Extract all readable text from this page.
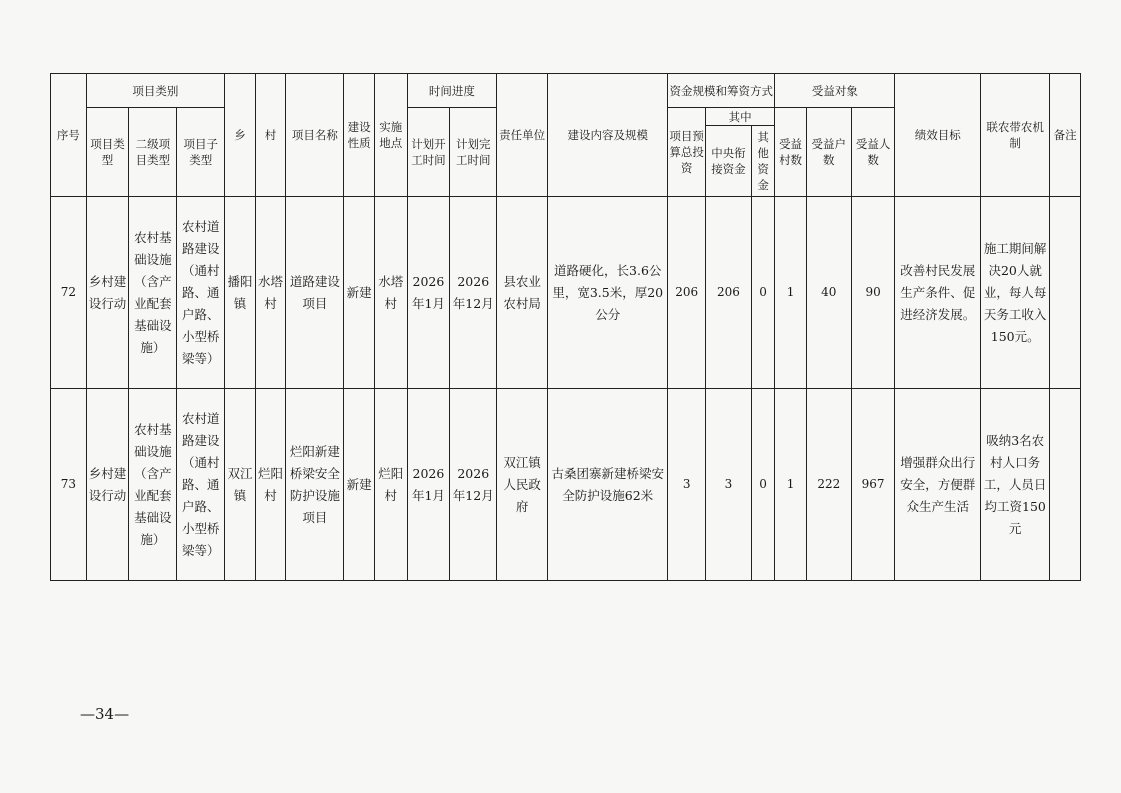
序号	项目类别			乡	村	项目名称	建设性质	实施地点	时间进度		责任单位	建设内容及规模	资金规模和筹资方式			受益对象			绩效目标	联农带农机制	备注
	项目类型	二级项目类型	项目子类型						计划开工时间	计划完工时间			项目预算总投资	其中		受益村数	受益户数	受益人数			
														中央衔接资金	其他资金						
72	乡村建设行动	农村基础设施（含产业配套基础设施）	农村道路建设（通村路、通户路、小型桥梁等）	播阳镇	水塔村	道路建设项目	新建	水塔村	2026年1月	2026年12月	县农业农村局	道路硬化，长3.6公里，宽3.5米，厚20公分	206	206	0	1	40	90	改善村民发展生产条件、促进经济发展。	施工期间解决20人就业，每人每天务工收入150元。	
73	乡村建设行动	农村基础设施（含产业配套基础设施）	农村道路建设（通村路、通户路、小型桥梁等）	双江镇	烂阳村	烂阳新建桥梁安全防护设施项目	新建	烂阳村	2026年1月	2026年12月	双江镇人民政府	古桑团寨新建桥梁安全防护设施62米	3	3	0	1	222	967	增强群众出行安全，方便群众生产生活	吸纳3名农村人口务工，人员日均工资150元	
—34—
